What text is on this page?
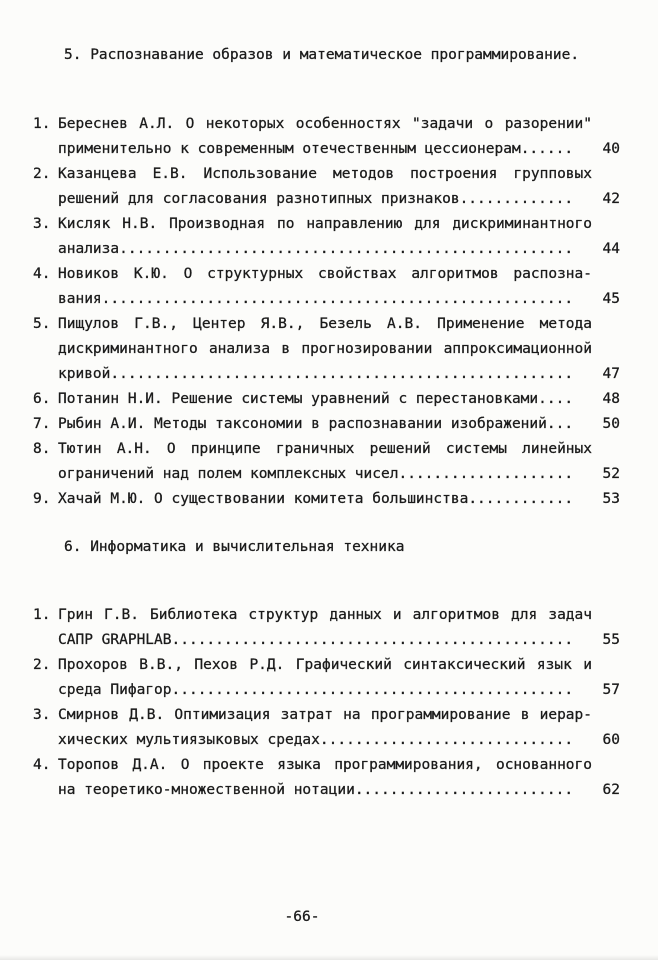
5. Распознавание образов и математическое программирование.
1. Береснев А.Л. О некоторых особенностях "задачи о разорении"
применительно к современным отечественным цессионерам .....	40
2. Казанцева Е.В. Использование методов построения групповых
решений для согласования разнотипных признаков .....	42
3. Кисляк Н.В. Производная по направлению для дискриминантного
анализа .....	44
4. Новиков К.Ю. О структурных свойствах алгоритмов распозна-
вания .....	45
5. Пищулов Г.В., Центер Я.В., Безель А.В. Применение метода
дискриминантного анализа в прогнозировании аппроксимационной
кривой .....	47
6. Потанин Н.И. Решение системы уравнений с перестановками .....	48
7. Рыбин А.И. Методы таксономии в распознавании изображений .....	50
8. Тютин А.Н. О принципе граничных решений системы линейных
ограничений над полем комплексных чисел .....	52
9. Хачай М.Ю. О существовании комитета большинства .....	53
6. Информатика и вычислительная техника
1. Грин Г.В. Библиотека структур данных и алгоритмов для задач
САПР GRAPHLAB .....	55
2. Прохоров В.В., Пехов Р.Д. Графический синтаксический язык и
среда Пифагор .....	57
3. Смирнов Д.В. Оптимизация затрат на программирование в иерар-
хических мультиязыковых средах .....	60
4. Торопов Д.А. О проекте языка программирования, основанного
на теоретико-множественной нотации .....	62
-66-
